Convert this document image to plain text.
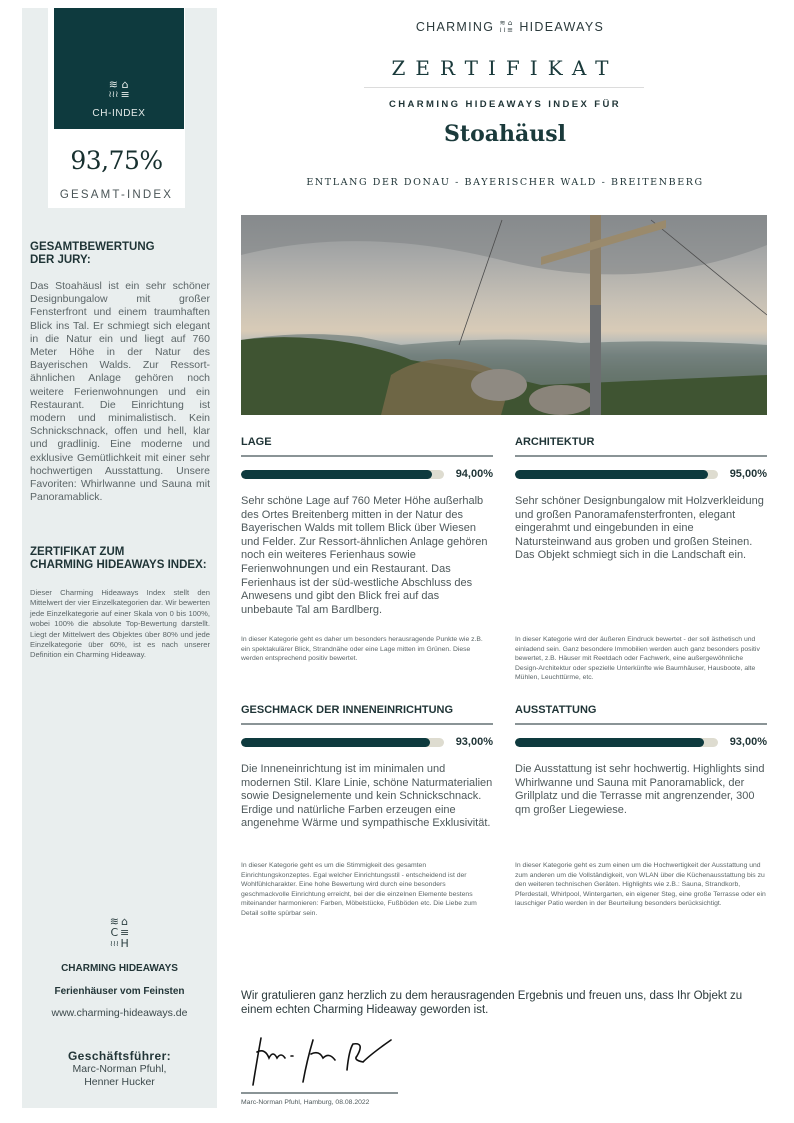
≋ ⌂
≀≀≀ ≡
CH-INDEX
93,75%
GESAMT-INDEX
GESAMTBEWERTUNG
DER JURY:
Das Stoahäusl ist ein sehr schöner Designbungalow mit großer Fensterfront und einem traumhaften Blick ins Tal. Er schmiegt sich elegant in die Natur ein und liegt auf 760 Meter Höhe in der Natur des Bayerischen Walds. Zur Ressort-ähnlichen Anlage gehören noch weitere Ferienwohnungen und ein Restaurant. Die Einrichtung ist modern und minimalistisch. Kein Schnickschnack, offen und hell, klar und gradlinig. Eine moderne und exklusive Gemütlichkeit mit einer sehr hochwertigen Ausstattung. Unsere Favoriten: Whirlwanne und Sauna mit Panoramablick.
ZERTIFIKAT ZUM
CHARMING HIDEAWAYS INDEX:
Dieser Charming Hideaways Index stellt den Mittelwert der vier Einzelkategorien dar. Wir bewerten jede Einzelkategorie auf einer Skala von 0 bis 100%, wobei 100% die absolute Top-Bewertung darstellt. Liegt der Mittelwert des Objektes über 80% und jede Einzelkategorie über 60%, ist es nach unserer Definition ein Charming Hideaway.
≋ ⌂
C ≡
≀≀≀ H
CHARMING HIDEAWAYS
Ferienhäuser vom Feinsten
www.charming-hideaways.de
Geschäftsführer:
Marc-Norman Pfuhl,
Henner Hucker
CHARMING ≋ ⌂
≀≀ ≡ HIDEAWAYS
ZERTIFIKAT
CHARMING HIDEAWAYS INDEX FÜR
Stoahäusl
ENTLANG DER DONAU - BAYERISCHER WALD - BREITENBERG
LAGE
94,00%
Sehr schöne Lage auf 760 Meter Höhe außerhalb des Ortes Breitenberg mitten in der Natur des Bayerischen Walds mit tollem Blick über Wiesen und Felder. Zur Ressort-ähnlichen Anlage gehören noch ein weiteres Ferienhaus sowie Ferienwohnungen und ein Restaurant. Das Ferienhaus ist der süd-westliche Abschluss des Anwesens und gibt den Blick frei auf das unbebaute Tal am Bardlberg.
In dieser Kategorie geht es daher um besonders herausragende Punkte wie z.B. ein spektakulärer Blick, Strandnähe oder eine Lage mitten im Grünen. Diese werden entsprechend positiv bewertet.
ARCHITEKTUR
95,00%
Sehr schöner Designbungalow mit Holzverkleidung und großen Panoramafensterfronten, elegant eingerahmt und eingebunden in eine Natursteinwand aus groben und großen Steinen. Das Objekt schmiegt sich in die Landschaft ein.
In dieser Kategorie wird der äußeren Eindruck bewertet - der soll ästhetisch und einladend sein. Ganz besondere Immobilien werden auch ganz besonders positiv bewertet, z.B. Häuser mit Reetdach oder Fachwerk, eine außergewöhnliche Design-Architektur oder spezielle Unterkünfte wie Baumhäuser, Hausboote, alte Mühlen, Leuchttürme, etc.
GESCHMACK DER INNENEINRICHTUNG
93,00%
Die Inneneinrichtung ist im minimalen und modernen Stil. Klare Linie, schöne Naturmaterialien sowie Designelemente und kein Schnickschnack. Erdige und natürliche Farben erzeugen eine angenehme Wärme und sympathische Exklusivität.
In dieser Kategorie geht es um die Stimmigkeit des gesamten Einrichtungskonzeptes. Egal welcher Einrichtungsstil - entscheidend ist der Wohlfühlcharakter. Eine hohe Bewertung wird durch eine besonders geschmackvolle Einrichtung erreicht, bei der die einzelnen Elemente bestens miteinander harmonieren: Farben, Möbelstücke, Fußböden etc. Die Liebe zum Detail sollte spürbar sein.
AUSSTATTUNG
93,00%
Die Ausstattung ist sehr hochwertig. Highlights sind Whirlwanne und Sauna mit Panoramablick, der Grillplatz und die Terrasse mit angrenzender, 300 qm großer Liegewiese.
In dieser Kategorie geht es zum einen um die Hochwertigkeit der Ausstattung und zum anderen um die Vollständigkeit, von WLAN über die Küchenausstattung bis zu den weiteren technischen Geräten. Highlights wie z.B.: Sauna, Strandkorb, Pferdestall, Whirlpool, Wintergarten, ein eigener Steg, eine große Terrasse oder ein lauschiger Patio werden in der Beurteilung besonders berücksichtigt.
Wir gratulieren ganz herzlich zu dem herausragenden Ergebnis und freuen uns, dass Ihr Objekt zu einem echten Charming Hideaway geworden ist.
Marc-Norman Pfuhl, Hamburg, 08.08.2022
